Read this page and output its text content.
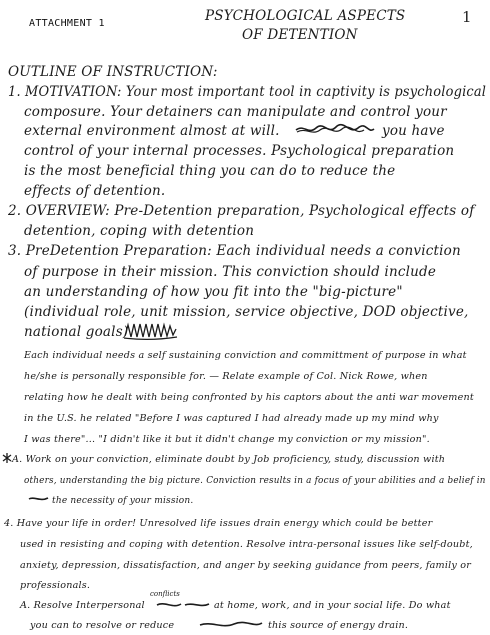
ATTACHMENT 1	PSYCHOLOGICAL ASPECTS
OF DETENTION
1
OUTLINE OF INSTRUCTION:
1. MOTIVATION: Your most important tool in captivity is psychological
composure. Your detainers can manipulate and control your
external environment almost at will.	you have
control of your internal processes. Psychological preparation
is the most beneficial thing you can do to reduce the
effects of detention.
2. OVERVIEW: Pre-Detention preparation, Psychological effects of
detention, coping with detention
3. PreDetention Preparation: Each individual needs a conviction
of purpose in their mission. This conviction should include
an understanding of how you fit into the "big-picture"
(individual role, unit mission, service objective, DOD objective,
national goals)
Each individual needs a self sustaining conviction and committment of purpose in what
he/she is personally responsible for. — Relate example of Col. Nick Rowe, when
relating how he dealt with being confronted by his captors about the anti war movement
in the U.S. he related "Before I was captured I had already made up my mind why
I was there"... "I didn't like it but it didn't change my conviction or my mission".
A. Work on your conviction, eliminate doubt by Job proficiency, study, discussion with
others, understanding the big picture. Conviction results in a focus of your abilities and a belief in
the necessity of your mission.
4. Have your life in order! Unresolved life issues drain energy which could be better
used in resisting and coping with detention. Resolve intra-personal issues like self-doubt,
anxiety, depression, dissatisfaction, and anger by seeking guidance from peers, family or
professionals.
conflicts
A. Resolve Interpersonal	at home, work, and in your social life. Do what
you can to resolve or reduce	this source of energy drain.
